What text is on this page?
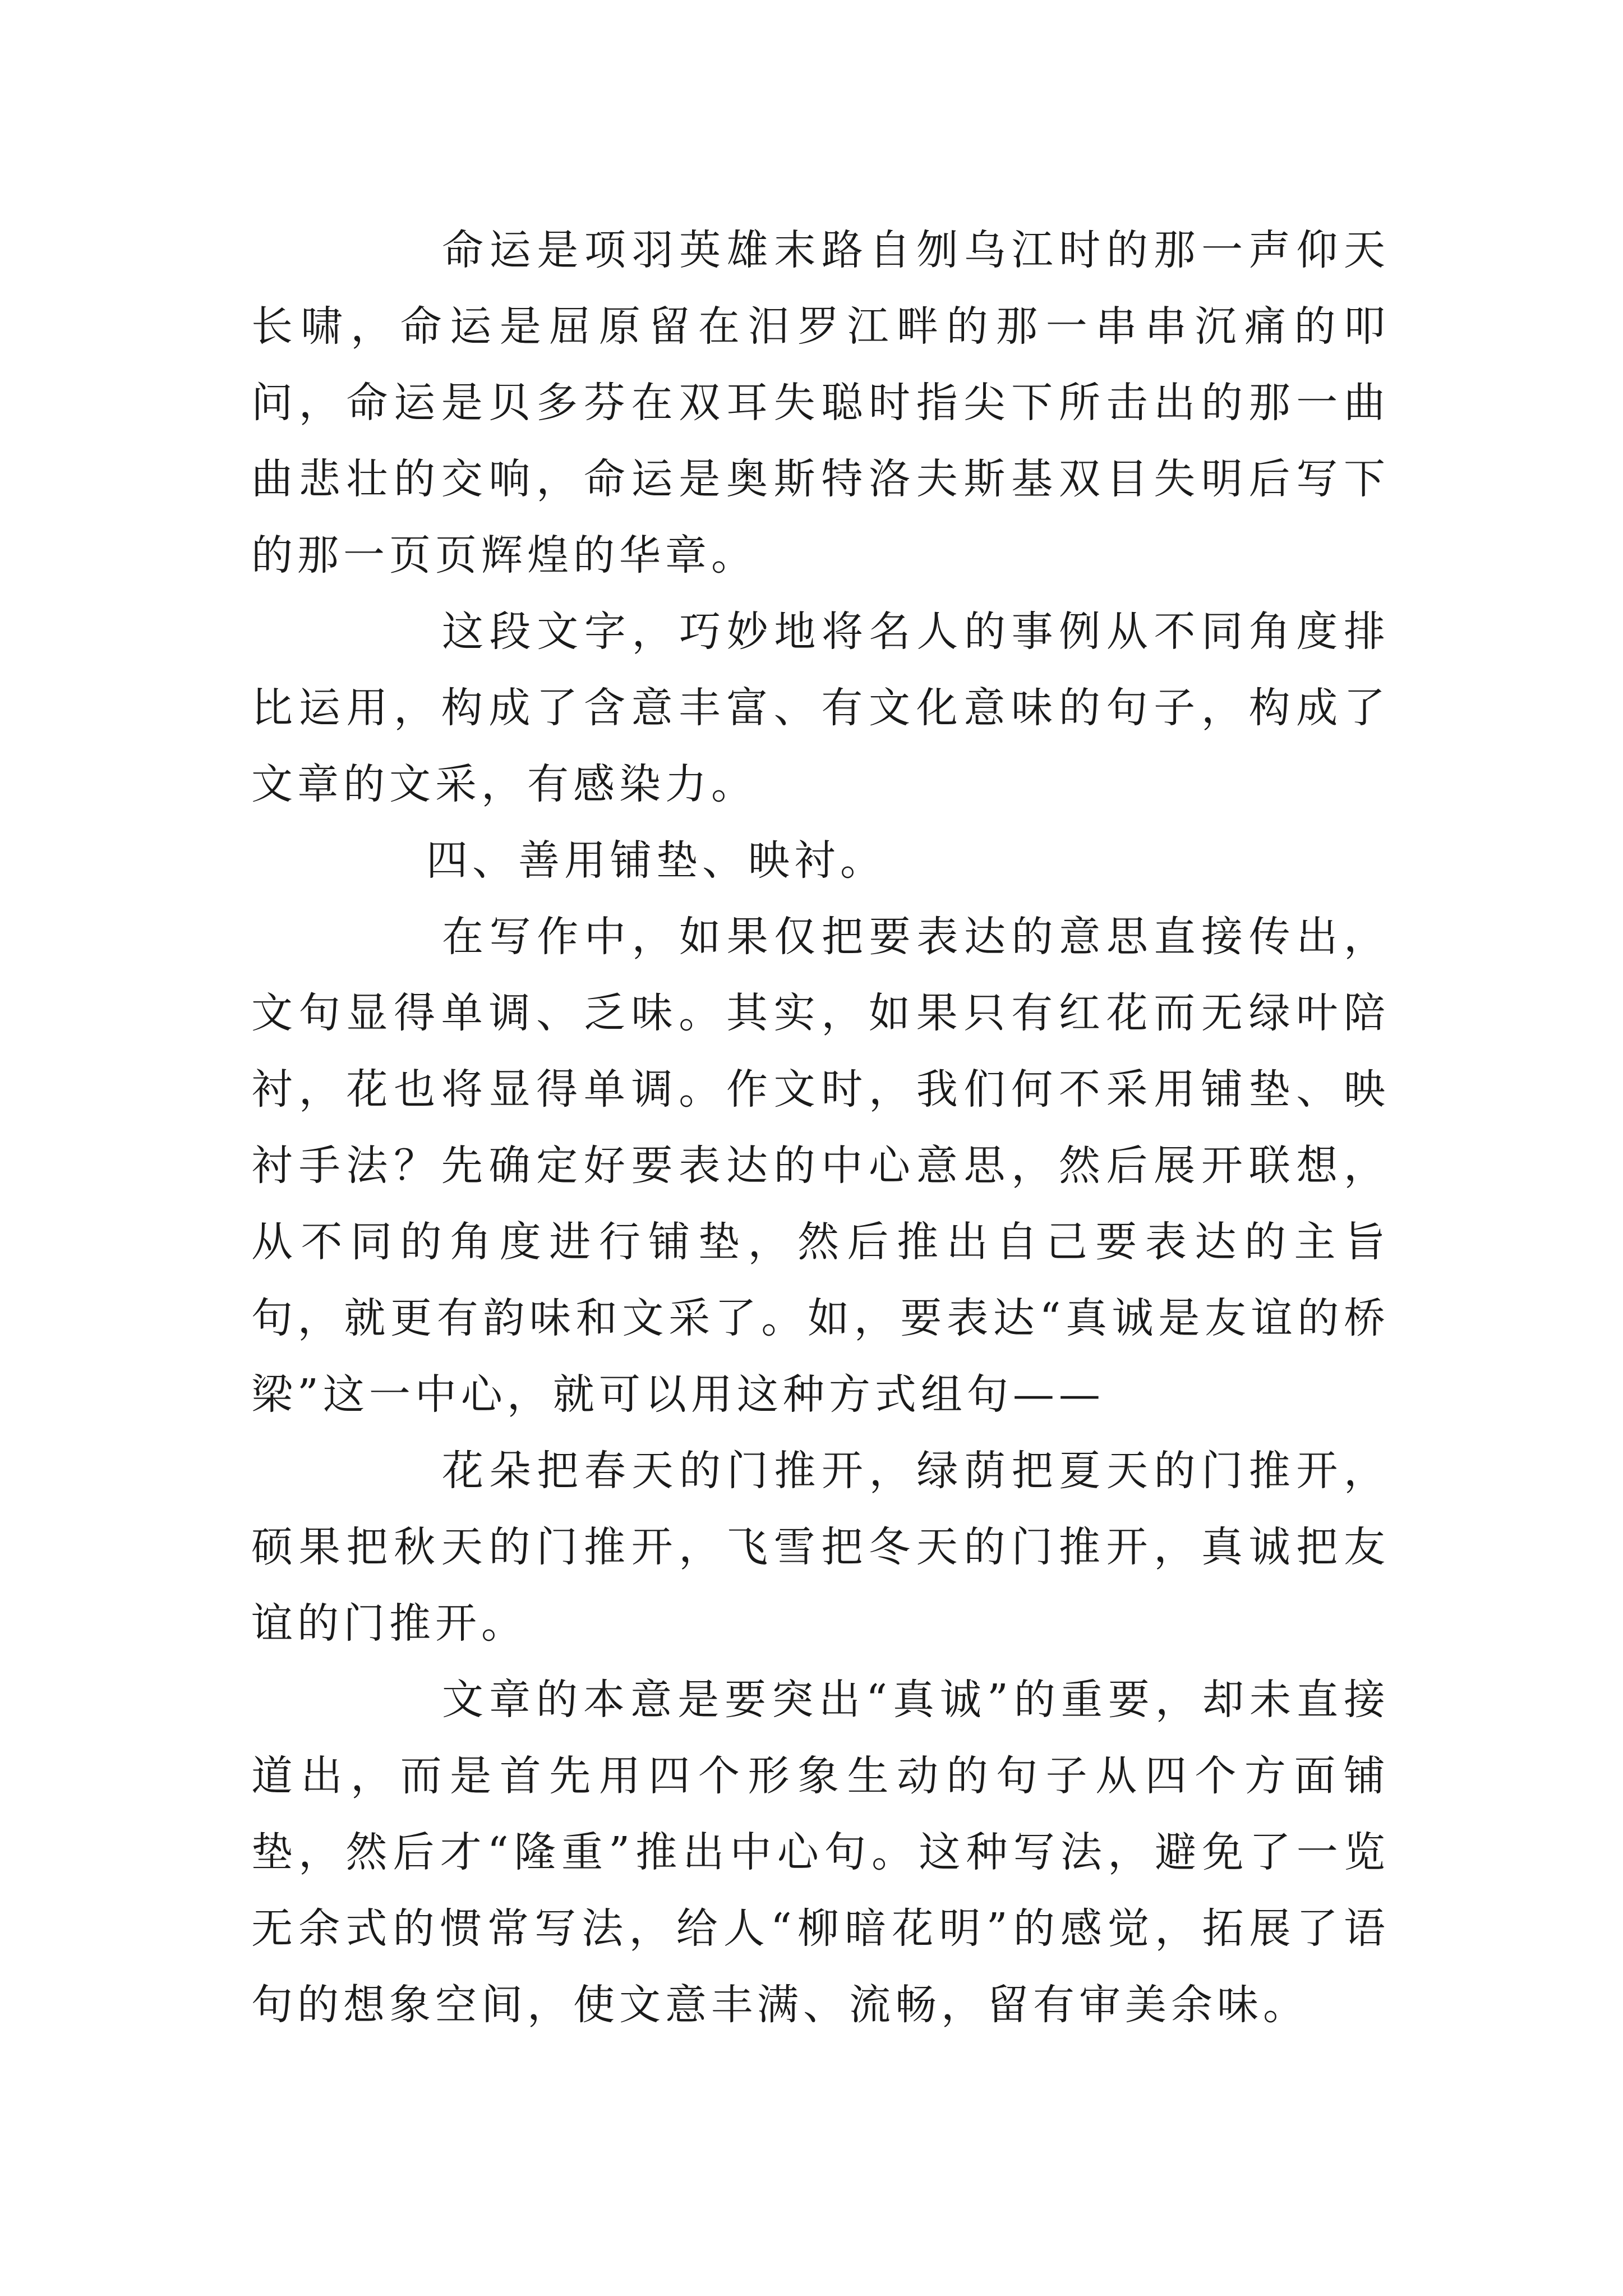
命运是项羽英雄末路自刎乌江时的那一声仰天长啸，命运是屈原留在汨罗江畔的那一串串沉痛的叩问，命运是贝多芬在双耳失聪时指尖下所击出的那一曲曲悲壮的交响，命运是奥斯特洛夫斯基双目失明后写下的那一页页辉煌的华章。

这段文字，巧妙地将名人的事例从不同角度排比运用，构成了含意丰富、有文化意味的句子，构成了文章的文采，有感染力。

四、善用铺垫、映衬。

在写作中，如果仅把要表达的意思直接传出，文句显得单调、乏味。其实，如果只有红花而无绿叶陪衬，花也将显得单调。作文时，我们何不采用铺垫、映衬手法？先确定好要表达的中心意思，然后展开联想，从不同的角度进行铺垫，然后推出自己要表达的主旨句，就更有韵味和文采了。如，要表达“真诚是友谊的桥梁”这一中心，就可以用这种方式组句——

花朵把春天的门推开，绿荫把夏天的门推开，硕果把秋天的门推开，飞雪把冬天的门推开，真诚把友谊的门推开。

文章的本意是要突出“真诚”的重要，却未直接道出，而是首先用四个形象生动的句子从四个方面铺垫，然后才“隆重”推出中心句。这种写法，避免了一览无余式的惯常写法，给人“柳暗花明”的感觉，拓展了语句的想象空间，使文意丰满、流畅，留有审美余味。
